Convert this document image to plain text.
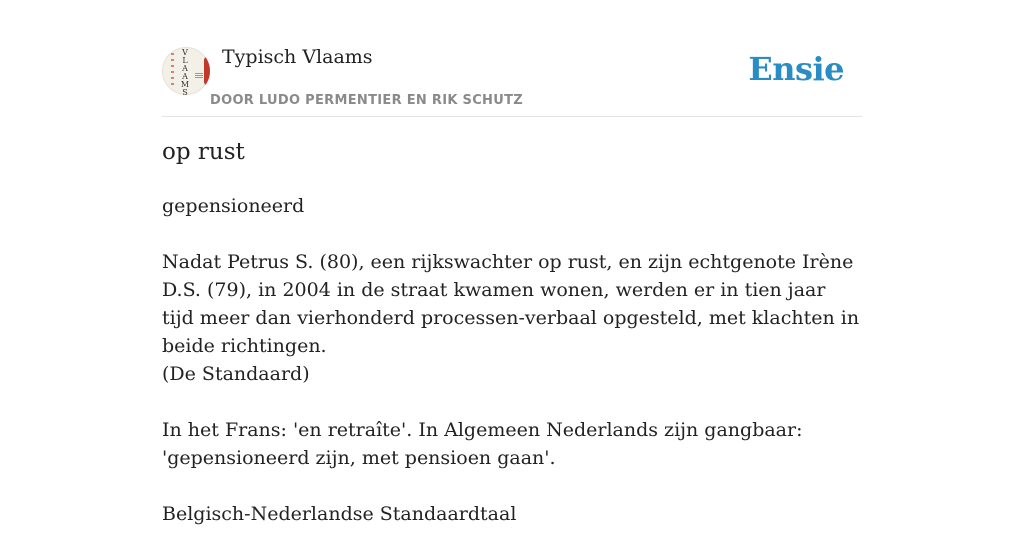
V
L
A
A
M
S
Typisch Vlaams
DOOR LUDO PERMENTIER EN RIK SCHUTZ
Ensie
op rust

gepensioneerd

Nadat Petrus S. (80), een rijkswachter op rust, en zijn echtgenote Irène D.S. (79), in 2004 in de straat kwamen wonen, werden er in tien jaar tijd meer dan vierhonderd processen-verbaal opgesteld, met klachten in beide richtingen.

(De Standaard)

In het Frans: 'en retraîte'. In Algemeen Nederlands zijn gangbaar: 'gepensioneerd zijn, met pensioen gaan'.

Belgisch-Nederlandse Standaardtaal
